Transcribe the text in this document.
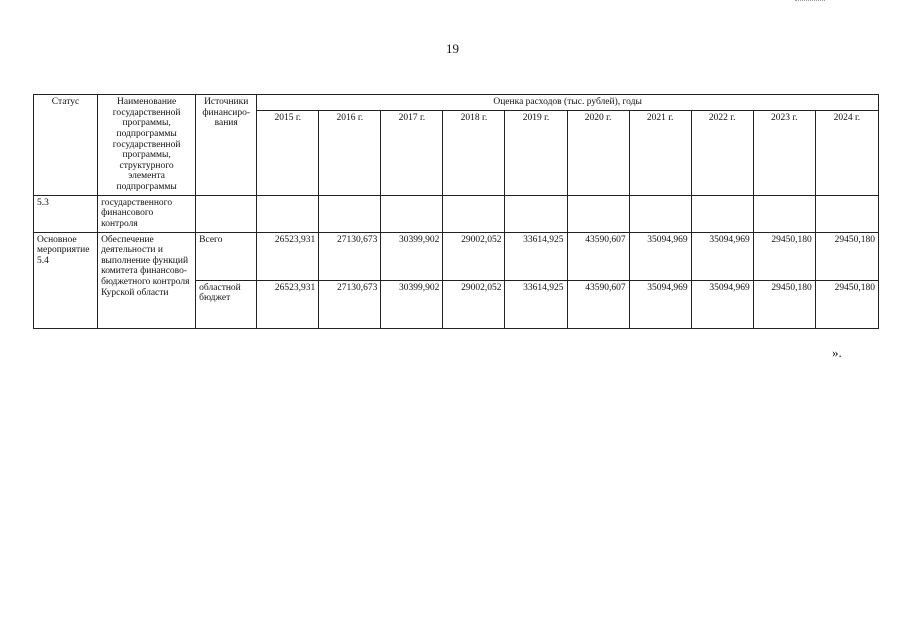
19
Статус	Наименование государственной программы, подпрограммы государственной программы, структурного элемента подпрограммы	Источники финансиро-вания	Оценка расходов (тыс. рублей), годы									
			2015 г.	2016 г.	2017 г.	2018 г.	2019 г.	2020 г.	2021 г.	2022 г.	2023 г.	2024 г.
5.3	государственного финансового контроля											
Основное мероприятие 5.4	Обеспечение деятельности и выполнение функций комитета финансово-бюджетного контроля Курской области	Всего	26523,931	27130,673	30399,902	29002,052	33614,925	43590,607	35094,969	35094,969	29450,180	29450,180
		областной бюджет	26523,931	27130,673	30399,902	29002,052	33614,925	43590,607	35094,969	35094,969	29450,180	29450,180
».
